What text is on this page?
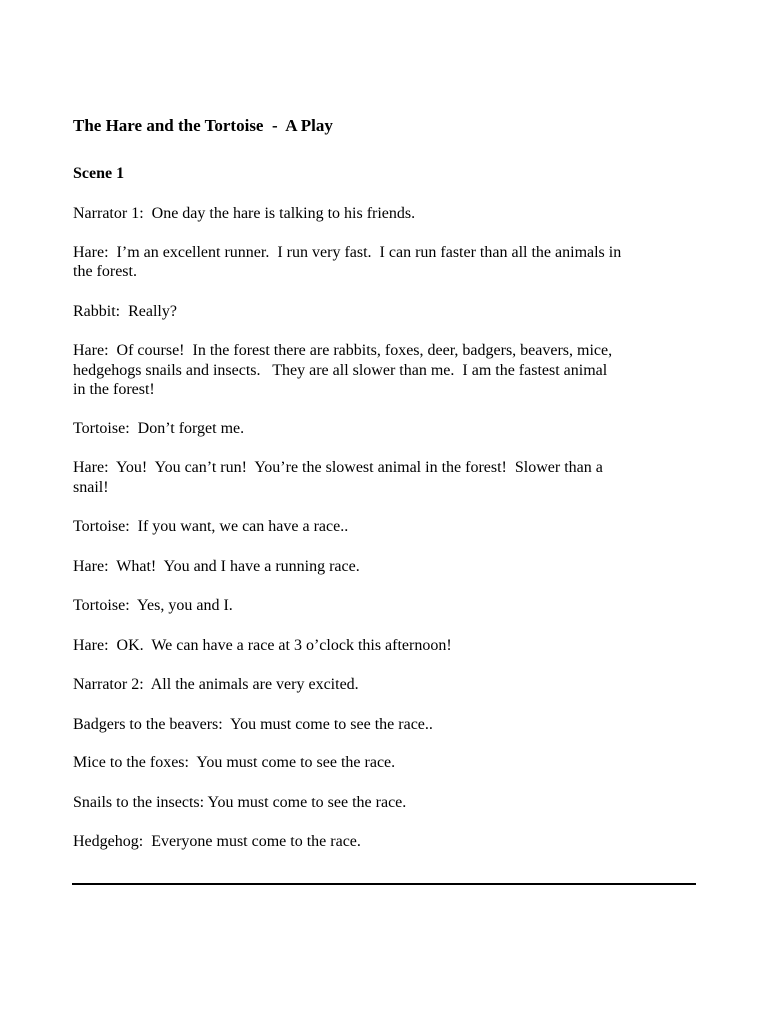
The Hare and the Tortoise  -  A Play
Scene 1

Narrator 1:  One day the hare is talking to his friends.

Hare:  I’m an excellent runner.  I run very fast.  I can run faster than all the animals in

the forest.

Rabbit:  Really?

Hare:  Of course!  In the forest there are rabbits, foxes, deer, badgers, beavers, mice,

hedgehogs snails and insects.   They are all slower than me.  I am the fastest animal

in the forest!

Tortoise:  Don’t forget me.

Hare:  You!  You can’t run!  You’re the slowest animal in the forest!  Slower than a

snail!

Tortoise:  If you want, we can have a race..

Hare:  What!  You and I have a running race.

Tortoise:  Yes, you and I.

Hare:  OK.  We can have a race at 3 o’clock this afternoon!

Narrator 2:  All the animals are very excited.

Badgers to the beavers:  You must come to see the race..

Mice to the foxes:  You must come to see the race.

Snails to the insects: You must come to see the race.

Hedgehog:  Everyone must come to the race.
